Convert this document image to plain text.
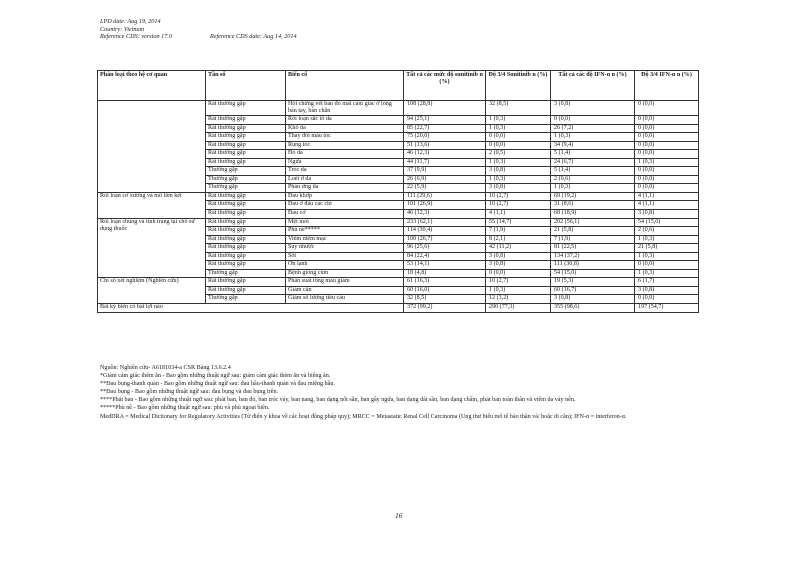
LPD date: Aug 19, 2014
Country: Vietnam
Reference CDS: version 17.0	Reference CDS date: Aug 14, 2014
Phân loại theo hệ cơ quan	Tần số	Biến cố	Tất cả các mức độ sunitinib n (%)	Độ 3/4 Sunitinib n (%)	Tất cả các độ IFN-α n (%)	Độ 3/4 IFN-α n (%)
	Rất thường gặp	Hội chứng vết ban đỏ mất cảm giác ở lòng bàn tay, bàn chân	108 (28,8)	32 (8,5)	3 (0,8)	0 (0,0)
	Rất thường gặp	Rối loạn sắc tố da	94 (25,1)	1 (0,3)	0 (0,0)	0 (0,0)
	Rất thường gặp	Khô da	85 (22,7)	1 (0,3)	26 (7,2)	0 (0,0)
	Rất thường gặp	Thay đổi màu tóc	75 (20,0)	0 (0,0)	1 (0,3)	0 (0,0)
	Rất thường gặp	Rụng tóc	51 (13,6)	0 (0,0)	34 (9,4)	0 (0,0)
	Rất thường gặp	Đỏ da	46 (12,3)	2 (0,5)	5 (1,4)	0 (0,0)
	Rất thường gặp	Ngứa	44 (11,7)	1 (0,3)	24 (6,7)	1 (0,3)
	Thường gặp	Tróc da	37 (9,9)	3 (0,8)	5 (1,4)	0 (0,0)
	Thường gặp	Loét ở da	26 (6,9)	1 (0,3)	2 (0,6)	0 (0,0)
	Thường gặp	Phản ứng da	22 (5,9)	3 (0,8)	1 (0,3)	0 (0,0)
Rối loạn cơ xương và mô liên kết	Rất thường gặp	Đau khớp	111 (29,6)	10 (2,7)	69 (19,2)	4 (1,1)
	Rất thường gặp	Đau ở đầu các chi	101 (26,9)	10 (2,7)	31 (8,6)	4 (1,1)
	Rất thường gặp	Đau cơ	46 (12,3)	4 (1,1)	68 (18,9)	3 (0,8)
Rối loạn chung và tình trạng tại chỗ sử dụng thuốc	Rất thường gặp	Mệt mỏi	233 (62,1)	55 (14,7)	202 (56,1)	54 (15,0)
	Rất thường gặp	Phù nề*****	114 (30,4)	7 (1,9)	21 (5,8)	2 (0,6)
	Rất thường gặp	Viêm niêm mạc	100 (26,7)	8 (2,1)	7 (1,9)	1 (0,3)
	Rất thường gặp	Suy nhược	96 (25,6)	42 (11,2)	81 (22,5)	21 (5,8)
	Rất thường gặp	Sốt	84 (22,4)	3 (0,8)	134 (37,2)	1 (0,3)
	Rất thường gặp	Ớn lạnh	53 (14,1)	3 (0,8)	111 (30,8)	0 (0,0)
	Thường gặp	Bệnh giống cúm	18 (4,8)	0 (0,0)	54 (15,0)	1 (0,3)
Chỉ số xét nghiệm (Nghiên cứu)	Rất thường gặp	Phân suất tống máu giảm	61 (16,3)	10 (2,7)	19 (5,3)	6 (1,7)
	Rất thường gặp	Giảm cân	60 (16,0)	1 (0,3)	60 (16,7)	3 (0,8)
	Thường gặp	Giảm số lượng tiểu cầu	32 (8,5)	12 (3,2)	3 (0,8)	0 (0,0)
Bất kỳ biến cố bất lợi nào			372 (99,2)	290 (77,3)	355 (98,6)	197 (54,7)

Nguồn: Nghiên cứu- A6181034-a CSR Bảng 13.6.2.4

*Giảm cảm giác thêm ăn - Bao gồm những thuật ngữ sau: giảm cảm giác thèm ăn và biếng ăn.

**Đau bụng-thanh quản - Bao gồm những thuật ngữ sau: đau hầu-thanh quản và đau miệng hầu.

**Đau bụng - Bao gồm những thuật ngữ sau: đau bụng và đau bụng trên.

****Phát ban - Bao gồm những thuật ngữ sau: phát ban, ban đỏ, ban tróc vảy, ban nang, ban dạng nốt sần, ban gây ngứa, ban dạng dát sần, ban dạng chấm, phát ban toàn thân và viêm da vảy nến.

*****Phù nề - Bao gồm những thuật ngữ sau: phù và phù ngoại biên.

MedDRA = Medical Dictionary for Regulatory Activities (Từ điển y khoa về các hoạt động pháp quy); MRCC = Metastatic Renal Cell Carcinoma (Ung thư biểu mô tế bào thận và/ hoặc di căn); IFN-α = interferon-α.

16
